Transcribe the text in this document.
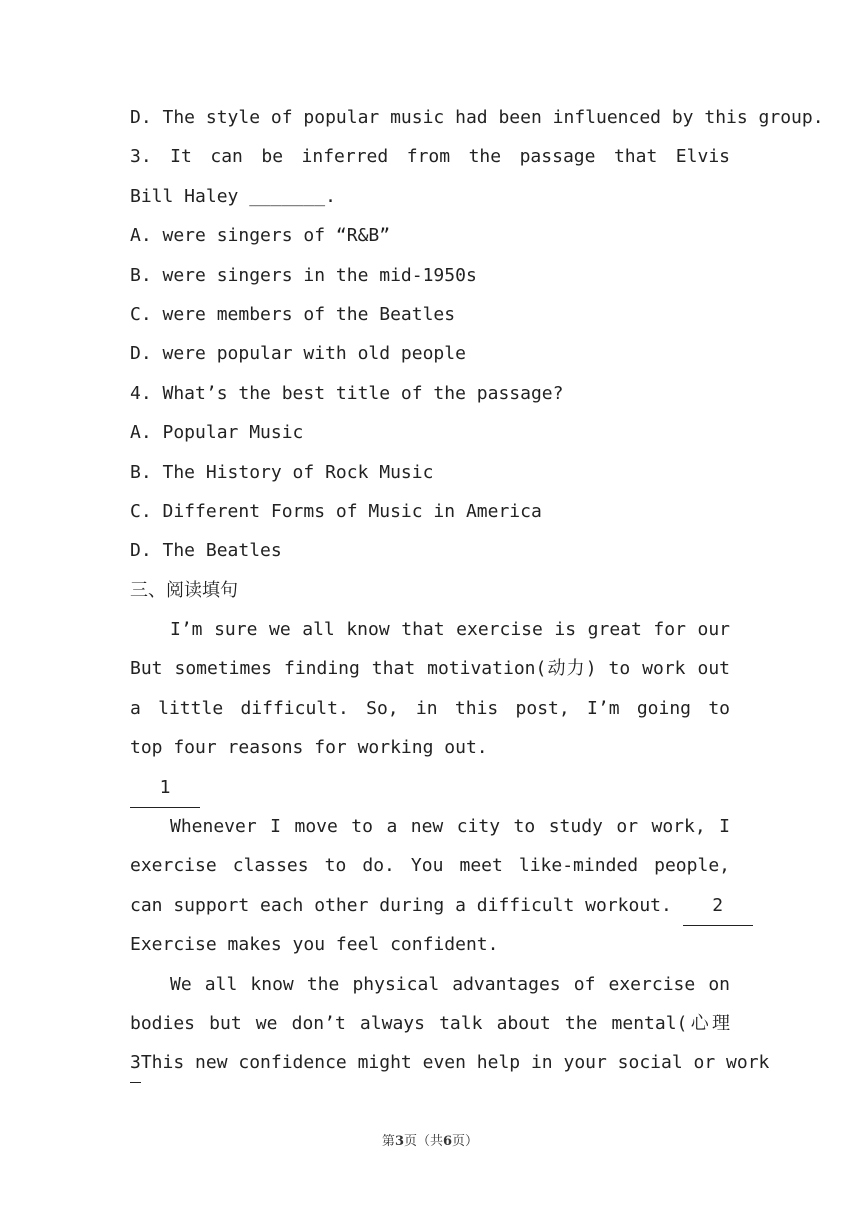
D. The style of popular music had been influenced by this group.
3. It can be inferred from the passage that Elvis
Bill Haley _______.
A. were singers of “R&B”
B. were singers in the mid-1950s
C. were members of the Beatles
D. were popular with old people
4. What’s the best title of the passage?
A. Popular Music
B. The History of Rock Music
C. Different Forms of Music in America
D. The Beatles
三、阅读填句
I’m sure we all know that exercise is great for our
But sometimes finding that motivation(动力) to work out
a little difficult. So, in this post, I’m going to
top four reasons for working out.
1
Whenever I move to a new city to study or work, I
exercise classes to do. You meet like-minded people,
can support each other during a difficult workout. 2
Exercise makes you feel confident.
We all know the physical advantages of exercise on
bodies but we don’t always talk about the mental(心理
3 This new confidence might even help in your social or work
第3页（共6页）
